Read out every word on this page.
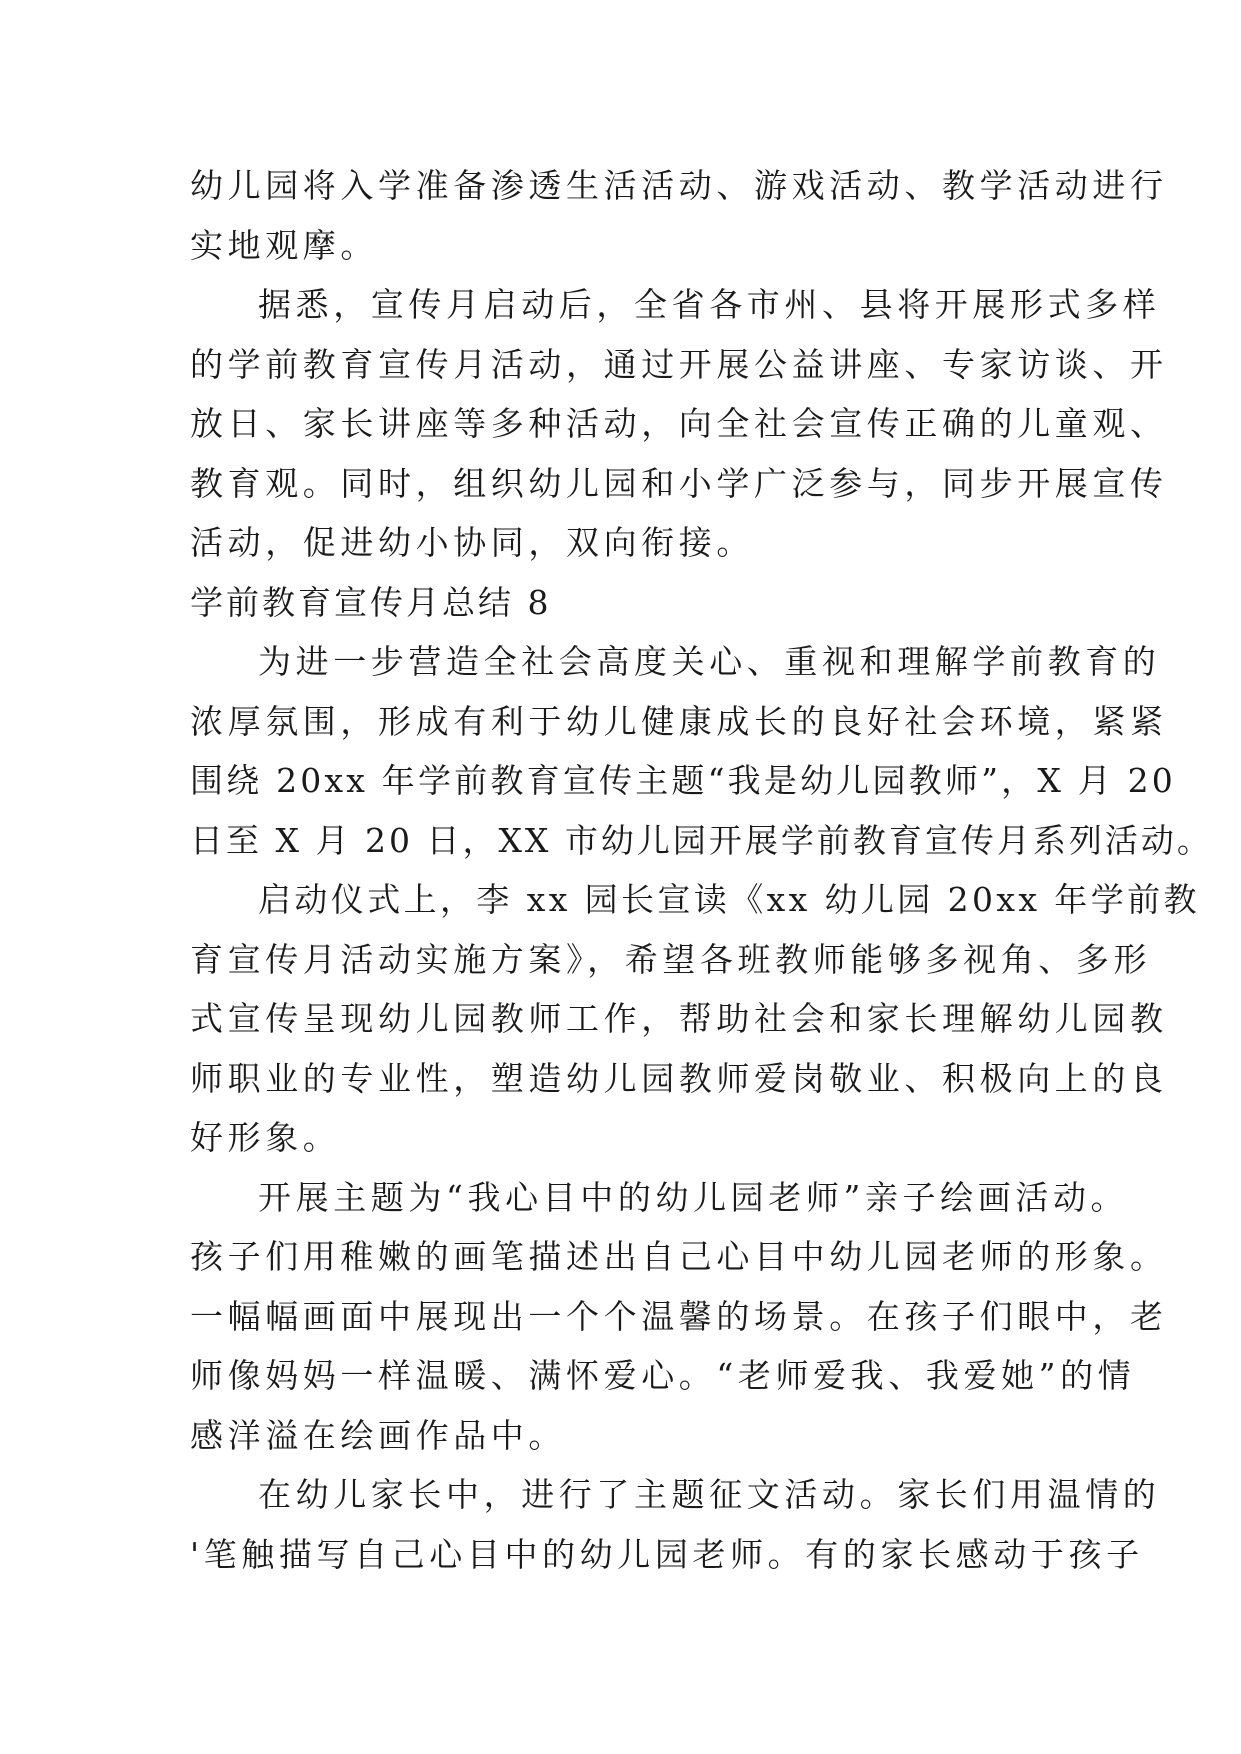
幼儿园将入学准备渗透生活活动、游戏活动、教学活动进行
实地观摩。
据悉，宣传月启动后，全省各市州、县将开展形式多样
的学前教育宣传月活动，通过开展公益讲座、专家访谈、开
放日、家长讲座等多种活动，向全社会宣传正确的儿童观、
教育观。同时，组织幼儿园和小学广泛参与，同步开展宣传
活动，促进幼小协同，双向衔接。
学前教育宣传月总结 8
为进一步营造全社会高度关心、重视和理解学前教育的
浓厚氛围，形成有利于幼儿健康成长的良好社会环境，紧紧
围绕 20xx 年学前教育宣传主题“我是幼儿园教师”，X 月 20
日至 X 月 20 日，XX 市幼儿园开展学前教育宣传月系列活动。
启动仪式上，李 xx 园长宣读《xx 幼儿园 20xx 年学前教
育宣传月活动实施方案》，希望各班教师能够多视角、多形
式宣传呈现幼儿园教师工作，帮助社会和家长理解幼儿园教
师职业的专业性，塑造幼儿园教师爱岗敬业、积极向上的良
好形象。
开展主题为“我心目中的幼儿园老师”亲子绘画活动。
孩子们用稚嫩的画笔描述出自己心目中幼儿园老师的形象。
一幅幅画面中展现出一个个温馨的场景。在孩子们眼中，老
师像妈妈一样温暖、满怀爱心。“老师爱我、我爱她”的情
感洋溢在绘画作品中。
在幼儿家长中，进行了主题征文活动。家长们用温情的
'笔触描写自己心目中的幼儿园老师。有的家长感动于孩子
